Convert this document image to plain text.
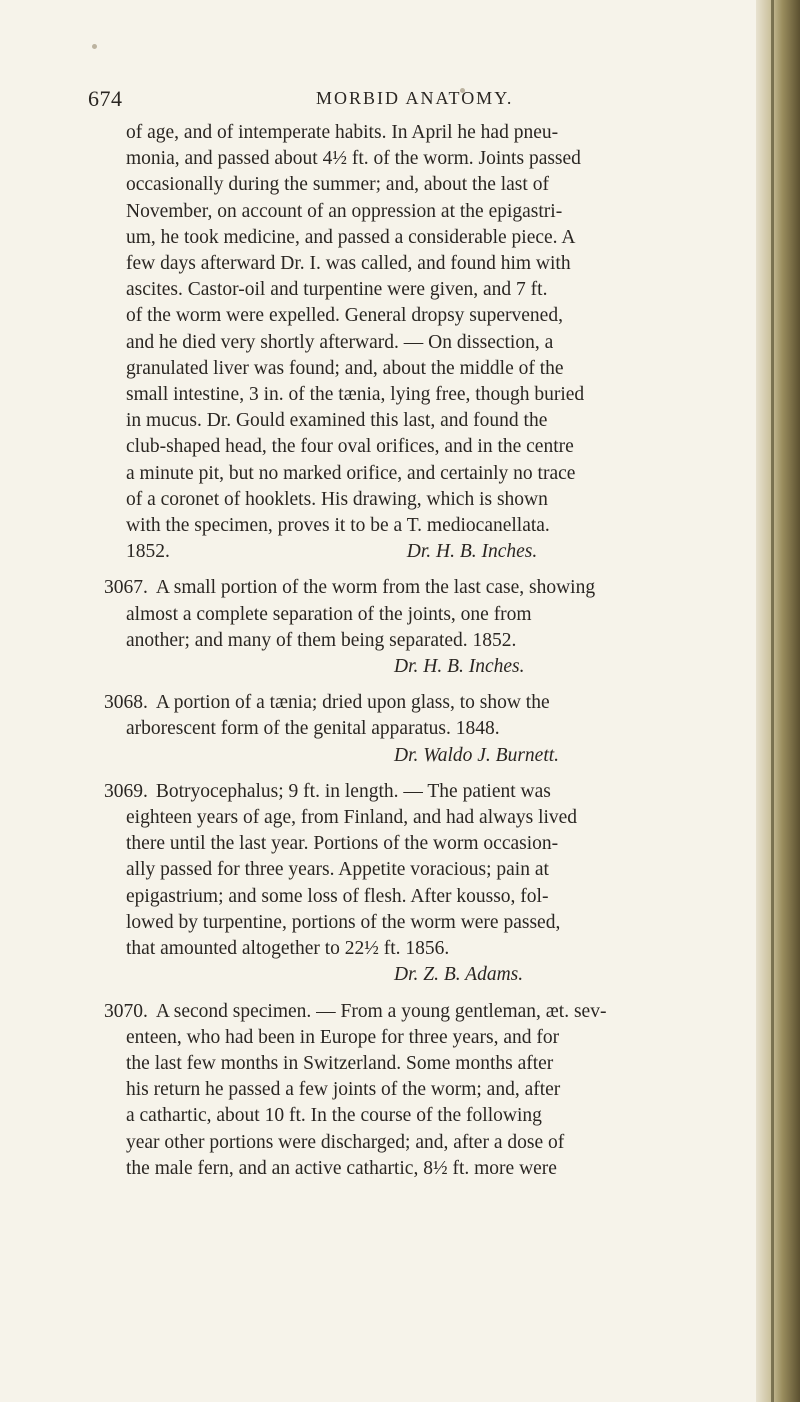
674	MORBID ANATOMY.

of age, and of intemperate habits. In April he had pneu-
monia, and passed about 4½ ft. of the worm. Joints passed
occasionally during the summer; and, about the last of
November, on account of an oppression at the epigastri-
um, he took medicine, and passed a considerable piece. A
few days afterward Dr. I. was called, and found him with
ascites. Castor-oil and turpentine were given, and 7 ft.
of the worm were expelled. General dropsy supervened,
and he died very shortly afterward. — On dissection, a
granulated liver was found; and, about the middle of the
small intestine, 3 in. of the tænia, lying free, though buried
in mucus. Dr. Gould examined this last, and found the
club-shaped head, the four oval orifices, and in the centre
a minute pit, but no marked orifice, and certainly no trace
of a coronet of hooklets. His drawing, which is shown
with the specimen, proves it to be a T. mediocanellata.
1852.	Dr. H. B. Inches.

3067. A small portion of the worm from the last case, showing
almost a complete separation of the joints, one from
another; and many of them being separated. 1852.
Dr. H. B. Inches.
3068. A portion of a tænia; dried upon glass, to show the
arborescent form of the genital apparatus. 1848.
Dr. Waldo J. Burnett.
3069. Botryocephalus; 9 ft. in length. — The patient was
eighteen years of age, from Finland, and had always lived
there until the last year. Portions of the worm occasion-
ally passed for three years. Appetite voracious; pain at
epigastrium; and some loss of flesh. After kousso, fol-
lowed by turpentine, portions of the worm were passed,
that amounted altogether to 22½ ft. 1856.
Dr. Z. B. Adams.
3070. A second specimen. — From a young gentleman, æt. sev-
enteen, who had been in Europe for three years, and for
the last few months in Switzerland. Some months after
his return he passed a few joints of the worm; and, after
a cathartic, about 10 ft. In the course of the following
year other portions were discharged; and, after a dose of
the male fern, and an active cathartic, 8½ ft. more were
